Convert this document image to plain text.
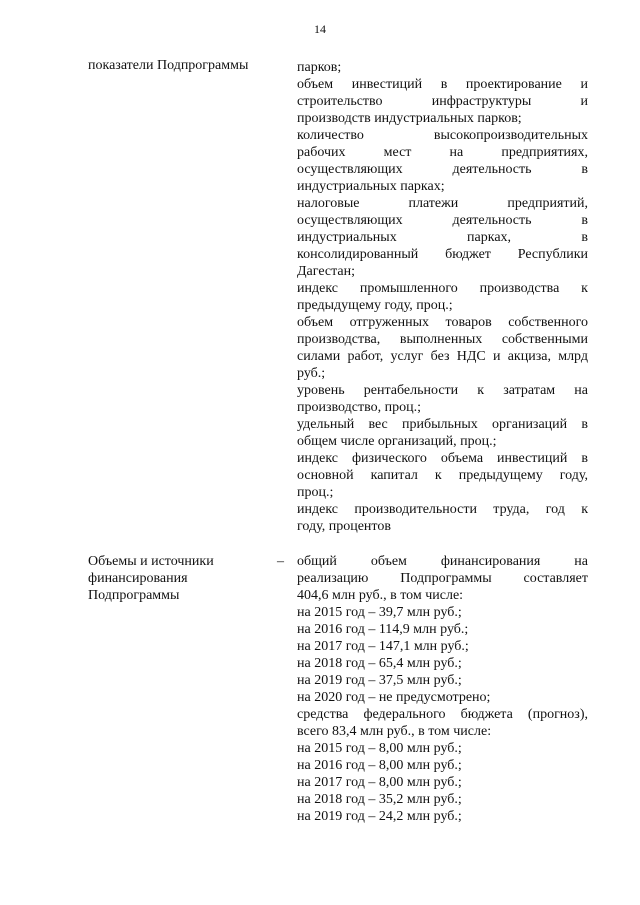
14
показатели Подпрограммы	парков;
объем инвестиций в проектирование и
строительство инфраструктуры и
производств индустриальных парков;
количество высокопроизводительных
рабочих мест на предприятиях,
осуществляющих деятельность в
индустриальных парках;
налоговые платежи предприятий,
осуществляющих деятельность в
индустриальных парках, в
консолидированный бюджет Республики
Дагестан;
индекс промышленного производства к
предыдущему году, проц.;
объем отгруженных товаров собственного
производства, выполненных собственными
силами работ, услуг без НДС и акциза, млрд
руб.;
уровень рентабельности к затратам на
производство, проц.;
удельный вес прибыльных организаций в
общем числе организаций, проц.;
индекс физического объема инвестиций в
основной капитал к предыдущему году,
проц.;
индекс производительности труда, год к
году, процентов
Объемы и источники
финансирования
Подпрограммы
– общий объем финансирования на
реализацию Подпрограммы составляет
404,6 млн руб., в том числе:
на 2015 год – 39,7 млн руб.;
на 2016 год – 114,9 млн руб.;
на 2017 год – 147,1 млн руб.;
на 2018 год – 65,4 млн руб.;
на 2019 год – 37,5 млн руб.;
на 2020 год – не предусмотрено;
средства федерального бюджета (прогноз),
всего 83,4 млн руб., в том числе:
на 2015 год – 8,00 млн руб.;
на 2016 год – 8,00 млн руб.;
на 2017 год – 8,00 млн руб.;
на 2018 год – 35,2 млн руб.;
на 2019 год – 24,2 млн руб.;
